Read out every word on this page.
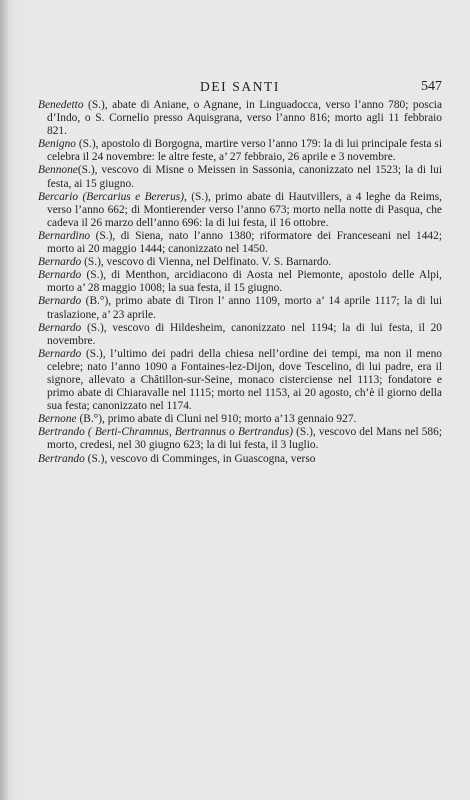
DEI SANTI	547

Benedetto (S.), abate di Aniane, o Agnane, in Linguadocca, verso l’anno 780; poscia d’Indo, o S. Cornelio presso Aquisgrana, verso l’anno 816; morto agli 11 febbraio 821.

Benigno (S.), apostolo di Borgogna, martire verso l’anno 179: la di lui principale festa si celebra il 24 novembre: le altre feste, a’ 27 febbraio, 26 aprile e 3 novembre.

Bennone(S.), vescovo di Misne o Meissen in Sassonia, canonizzato nel 1523; la di lui festa, ai 15 giugno.

Bercario (Bercarius e Bererus), (S.), primo abate di Hautvillers, a 4 leghe da Reims, verso l’anno 662; di Montierender verso l’anno 673; morto nella notte di Pasqua, che cadeva il 26 marzo dell’anno 696: la di lui festa, il 16 ottobre.

Bernardino (S.), di Siena, nato l’anno 1380; riformatore dei Franceseani nel 1442; morto ai 20 maggio 1444; canonizzato nel 1450.

Bernardo (S.), vescovo di Vienna, nel Delfinato. V. S. Barnardo.

Bernardo (S.), di Menthon, arcidiacono di Aosta nel Piemonte, apostolo delle Alpi, morto a’ 28 maggio 1008; la sua festa, il 15 giugno.

Bernardo (B.°), primo abate di Tiron l’ anno 1109, morto a’ 14 aprile 1117; la di lui traslazione, a’ 23 aprile.

Bernardo (S.), vescovo di Hildesheim, canonizzato nel 1194; la di lui festa, il 20 novembre.

Bernardo (S.), l’ultimo dei padri della chiesa nell’ordine dei tempi, ma non il meno celebre; nato l’anno 1090 a Fontaines-lez-Dijon, dove Tescelino, di lui padre, era il signore, allevato a Châtillon-sur-Seine, monaco cisterciense nel 1113; fondatore e primo abate di Chiaravalle nel 1115; morto nel 1153, ai 20 agosto, ch’è il giorno della sua festa; canonizzato nel 1174.

Bernone (B.°), primo abate di Cluni nel 910; morto a’13 gennaio 927.

Bertrando ( Berti-Chramnus, Bertrannus o Bertrandus) (S.), vescovo del Mans nel 586; morto, credesi, nel 30 giugno 623; la di lui festa, il 3 luglio.

Bertrando (S.), vescovo di Comminges, in Guascogna, verso
